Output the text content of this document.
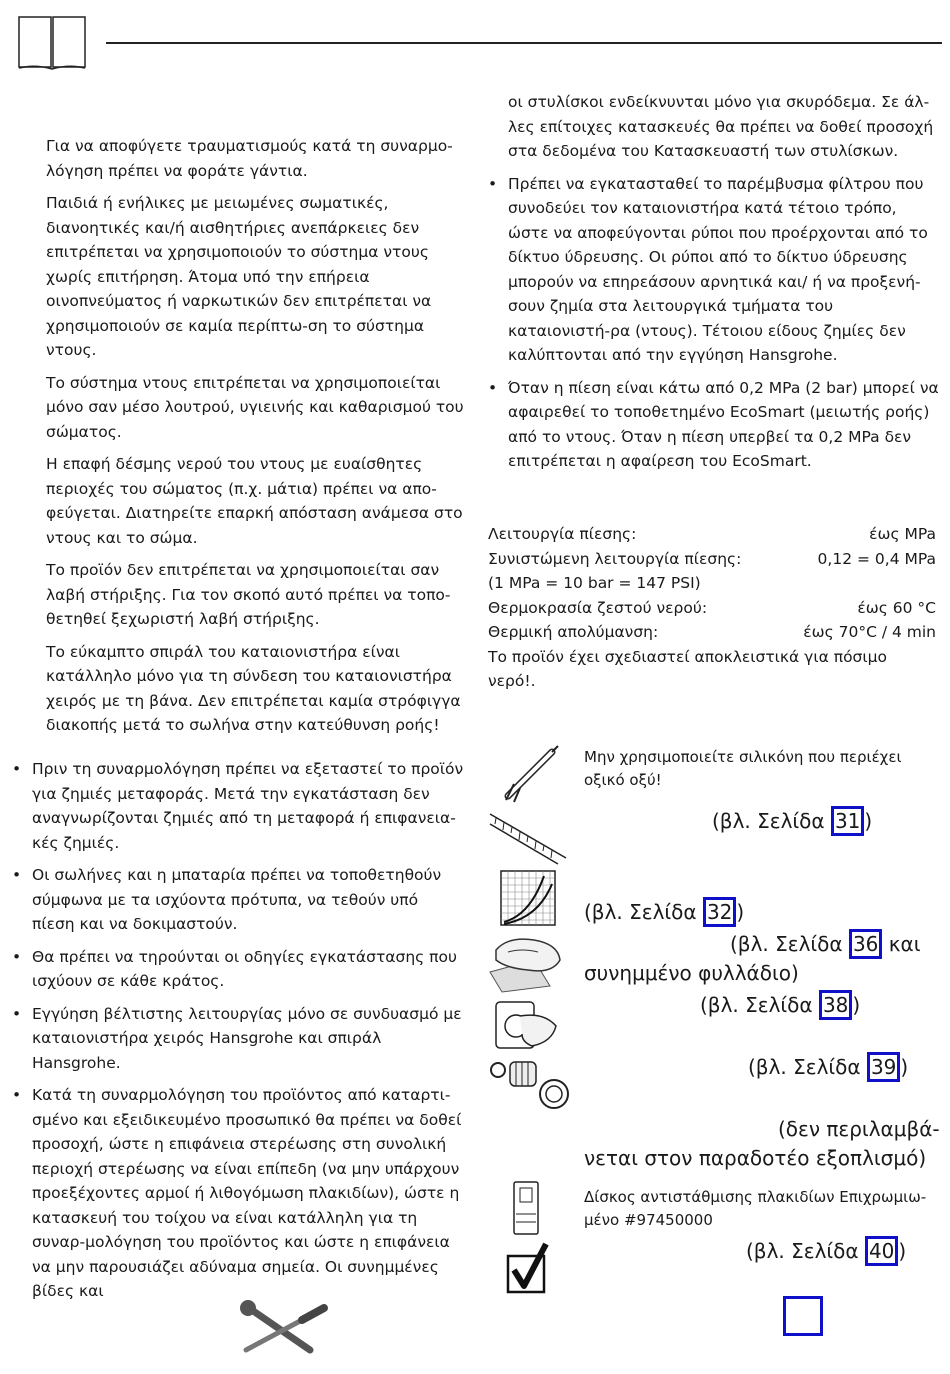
Για να αποφύγετε τραυματισμούς κατά τη συναρμο-λόγηση πρέπει να φοράτε γάντια.

Παιδιά ή ενήλικες με μειωμένες σωματικές, διανοητικές και/ή αισθητήριες ανεπάρκειες δεν επιτρέπεται να χρησιμοποιούν το σύστημα ντους χωρίς επιτήρηση. Άτομα υπό την επήρεια οινοπνεύματος ή ναρκωτικών δεν επιτρέπεται να χρησιμοποιούν σε καμία περίπτω-ση το σύστημα ντους.

Το σύστημα ντους επιτρέπεται να χρησιμοποιείται μόνο σαν μέσο λουτρού, υγιεινής και καθαρισμού του σώματος.

Η επαφή δέσμης νερού του ντους με ευαίσθητες περιοχές του σώματος (π.χ. μάτια) πρέπει να απο-φεύγεται. Διατηρείτε επαρκή απόσταση ανάμεσα στο ντους και το σώμα.

Το προϊόν δεν επιτρέπεται να χρησιμοποιείται σαν λαβή στήριξης. Για τον σκοπό αυτό πρέπει να τοπο-θετηθεί ξεχωριστή λαβή στήριξης.

Το εύκαμπτο σπιράλ του καταιονιστήρα είναι κατάλληλο μόνο για τη σύνδεση του καταιονιστήρα χειρός με τη βάνα. Δεν επιτρέπεται καμία στρόφιγγα διακοπής μετά το σωλήνα στην κατεύθυνση ροής!

οι στυλίσκοι ενδείκνυνται μόνο για σκυρόδεμα. Σε άλ-λες επίτοιχες κατασκευές θα πρέπει να δοθεί προσοχή στα δεδομένα του Κατασκευαστή των στυλίσκων.

• Πρέπει να εγκατασταθεί το παρέμβυσμα φίλτρου που συνοδεύει τον καταιονιστήρα κατά τέτοιο τρόπο, ώστε να αποφεύγονται ρύποι που προέρχονται από το δίκτυο ύδρευσης. Οι ρύποι από το δίκτυο ύδρευσης μπορούν να επηρεάσουν αρνητικά και/ ή να προξενή-σουν ζημία στα λειτουργικά τμήματα του καταιονιστή-ρα (ντους). Τέτοιου είδους ζημίες δεν καλύπτονται από την εγγύηση Hansgrohe.

• Όταν η πίεση είναι κάτω από 0,2 MPa (2 bar) μπορεί να αφαιρεθεί το τοποθετημένο EcoSmart (μειωτής ροής) από το ντους. Όταν η πίεση υπερβεί τα 0,2 MPa δεν επιτρέπεται η αφαίρεση του EcoSmart.

Λειτουργία πίεσης:	έως MPa
Συνιστώμενη λειτουργία πίεσης:	0,12 = 0,4 MPa
(1 MPa = 10 bar = 147 PSI)
Θερμοκρασία ζεστού νερού:	έως 60 °C
Θερμική απολύμανση:	έως 70°C / 4 min
Το προϊόν έχει σχεδιαστεί αποκλειστικά για πόσιμο νερό!.

• Πριν τη συναρμολόγηση πρέπει να εξεταστεί το προϊόν για ζημιές μεταφοράς. Μετά την εγκατάσταση δεν αναγνωρίζονται ζημιές από τη μεταφορά ή επιφανεια-κές ζημιές.

• Οι σωλήνες και η μπαταρία πρέπει να τοποθετηθούν σύμφωνα με τα ισχύοντα πρότυπα, να τεθούν υπό πίεση και να δοκιμαστούν.

• Θα πρέπει να τηρούνται οι οδηγίες εγκατάστασης που ισχύουν σε κάθε κράτος.

• Εγγύηση βέλτιστης λειτουργίας μόνο σε συνδυασμό με καταιονιστήρα χειρός Hansgrohe και σπιράλ Hansgrohe.

• Κατά τη συναρμολόγηση του προϊόντος από καταρτι-σμένο και εξειδικευμένο προσωπικό θα πρέπει να δοθεί προσοχή, ώστε η επιφάνεια στερέωσης στη συνολική περιοχή στερέωσης να είναι επίπεδη (να μην υπάρχουν προεξέχοντες αρμοί ή λιθογόμωση πλακιδίων), ώστε η κατασκευή του τοίχου να είναι κατάλληλη για τη συναρ-μολόγηση του προϊόντος και ώστε η επιφάνεια να μην παρουσιάζει αδύναμα σημεία. Οι συνημμένες βίδες και

Μην χρησιμοποιείτε σιλικόνη που περιέχει οξικό οξύ!
(βλ. Σελίδα 31 )
(βλ. Σελίδα 32 )
(βλ. Σελίδα 36 και
συνημμένο φυλλάδιο)
(βλ. Σελίδα 38 )
(βλ. Σελίδα 39 )
(δεν περιλαμβά-
νεται στον παραδοτέο εξοπλισμό)
Δίσκος αντιστάθμισης πλακιδίων Επιχρωμιω-μένο #97450000
(βλ. Σελίδα 40 )
